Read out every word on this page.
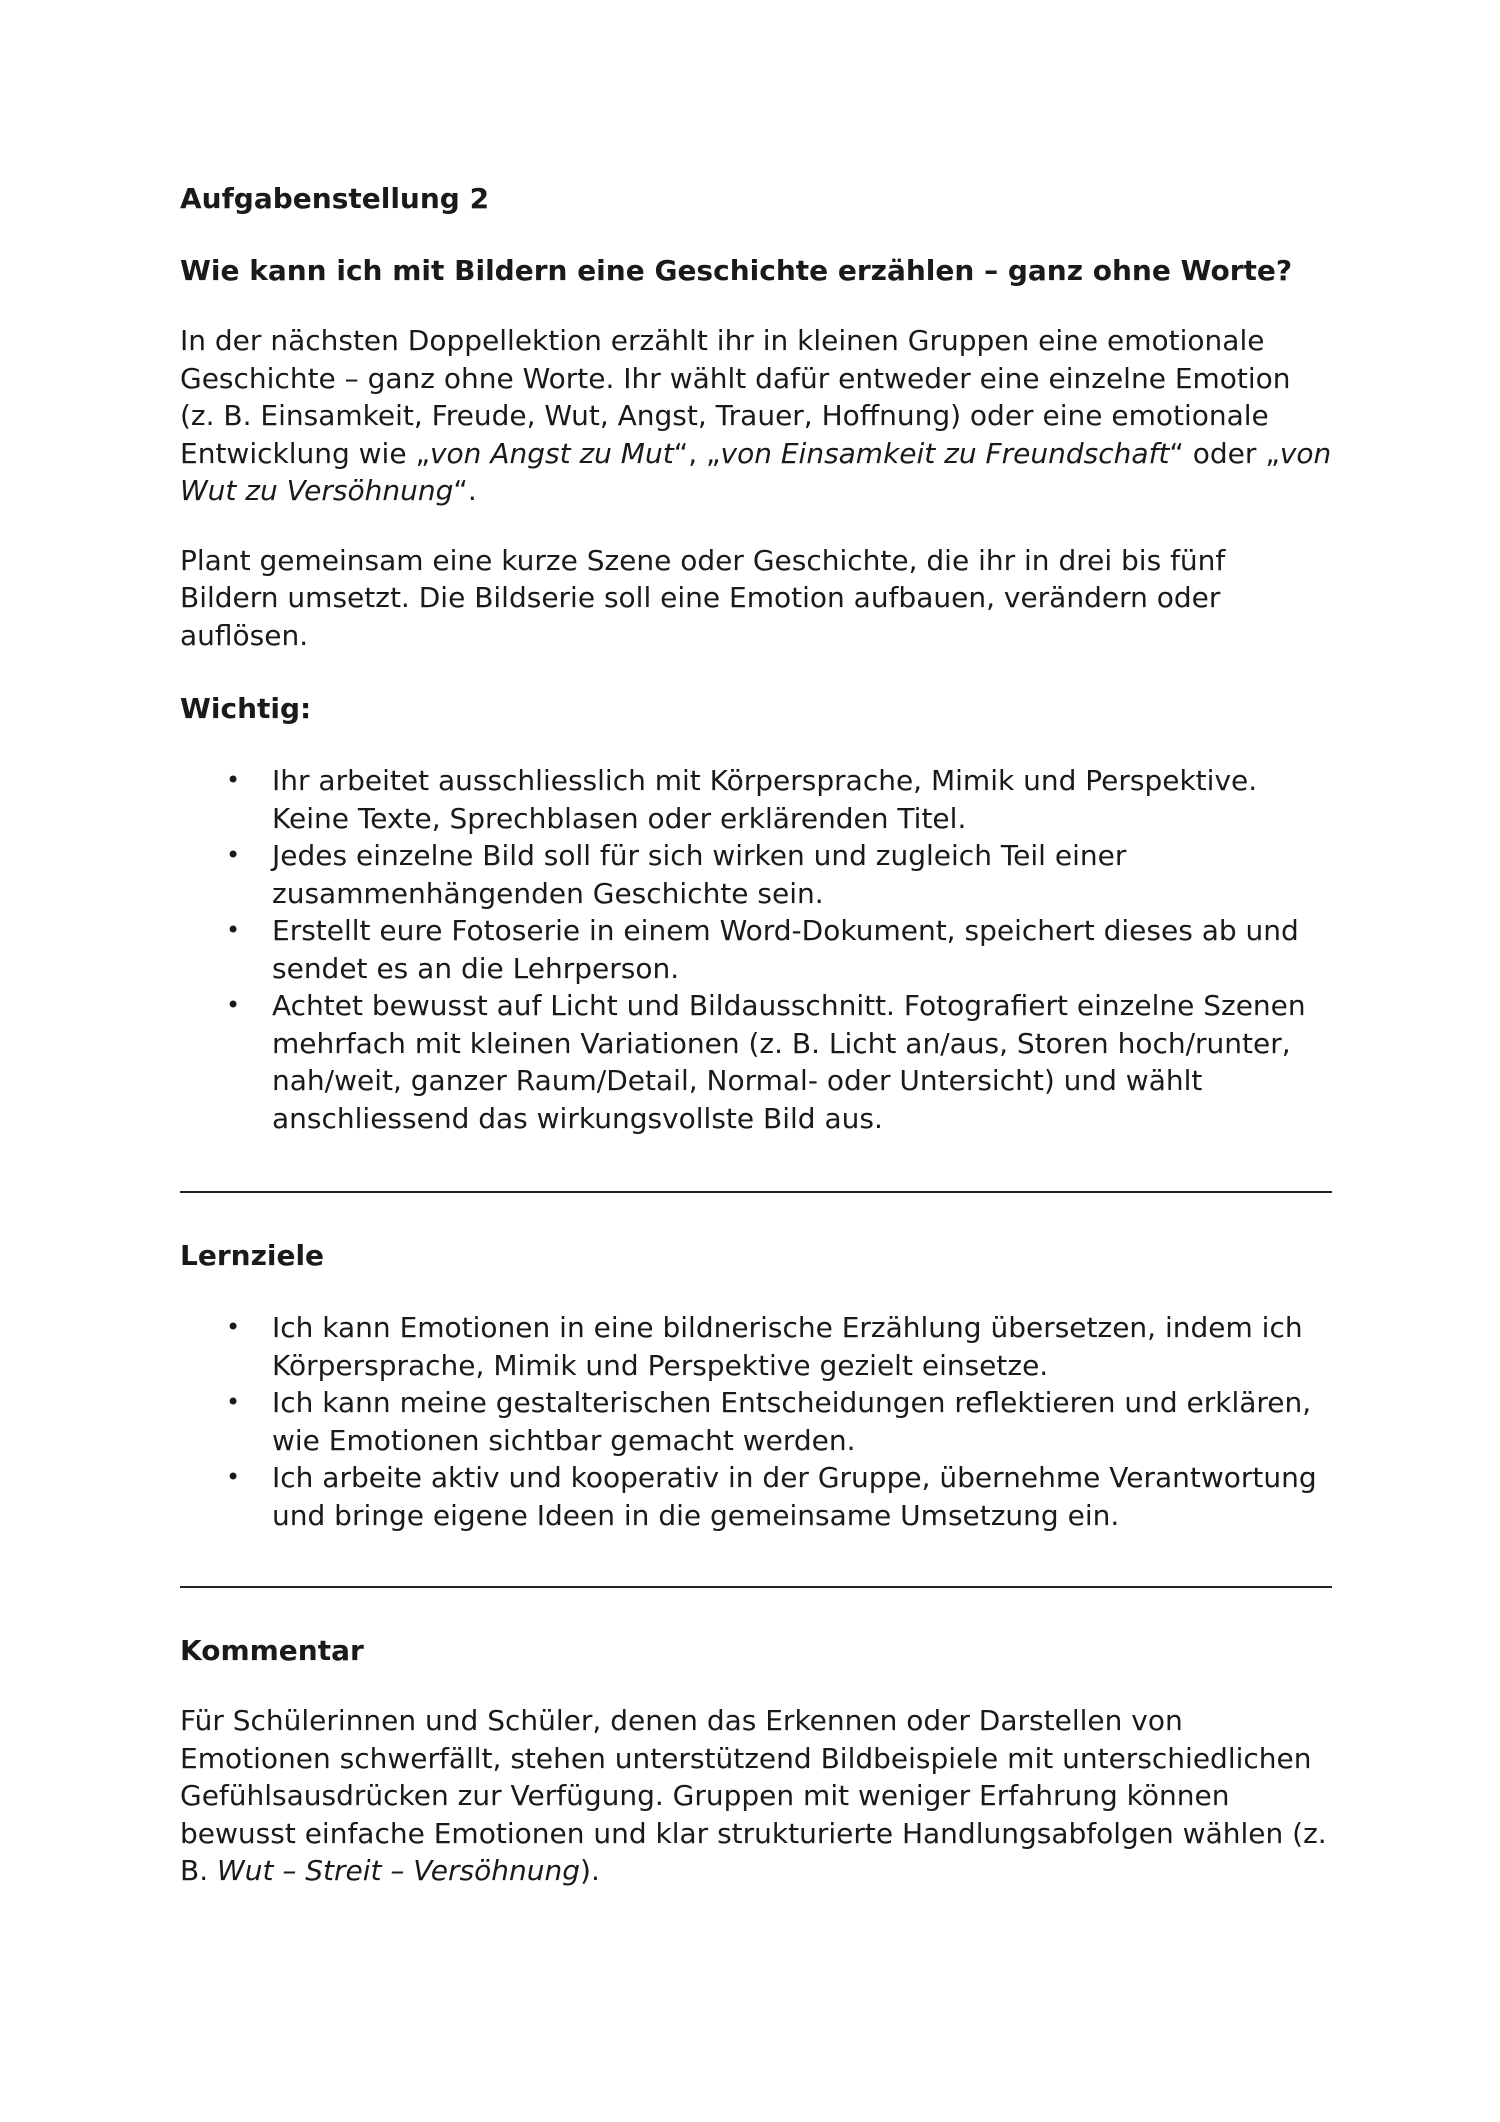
Aufgabenstellung 2
Wie kann ich mit Bildern eine Geschichte erzählen – ganz ohne Worte?

In der nächsten Doppellektion erzählt ihr in kleinen Gruppen eine emotionale Geschichte – ganz ohne Worte. Ihr wählt dafür entweder eine einzelne Emotion (z. B. Einsamkeit, Freude, Wut, Angst, Trauer, Hoffnung) oder eine emotionale Entwicklung wie „von Angst zu Mut“, „von Einsamkeit zu Freundschaft“ oder „von Wut zu Versöhnung“.

Plant gemeinsam eine kurze Szene oder Geschichte, die ihr in drei bis fünf Bildern umsetzt. Die Bildserie soll eine Emotion aufbauen, verändern oder auflösen.

Wichtig:
• Ihr arbeitet ausschliesslich mit Körpersprache, Mimik und Perspektive. Keine Texte, Sprechblasen oder erklärenden Titel.
• Jedes einzelne Bild soll für sich wirken und zugleich Teil einer zusammenhängenden Geschichte sein.
• Erstellt eure Fotoserie in einem Word-Dokument, speichert dieses ab und sendet es an die Lehrperson.
• Achtet bewusst auf Licht und Bildausschnitt. Fotografiert einzelne Szenen mehrfach mit kleinen Variationen (z. B. Licht an/aus, Storen hoch/runter, nah/weit, ganzer Raum/Detail, Normal- oder Untersicht) und wählt anschliessend das wirkungsvollste Bild aus.
Lernziele
• Ich kann Emotionen in eine bildnerische Erzählung übersetzen, indem ich Körpersprache, Mimik und Perspektive gezielt einsetze.
• Ich kann meine gestalterischen Entscheidungen reflektieren und erklären, wie Emotionen sichtbar gemacht werden.
• Ich arbeite aktiv und kooperativ in der Gruppe, übernehme Verantwortung und bringe eigene Ideen in die gemeinsame Umsetzung ein.
Kommentar

Für Schülerinnen und Schüler, denen das Erkennen oder Darstellen von Emotionen schwerfällt, stehen unterstützend Bildbeispiele mit unterschiedlichen Gefühlsausdrücken zur Verfügung. Gruppen mit weniger Erfahrung können bewusst einfache Emotionen und klar strukturierte Handlungsabfolgen wählen (z. B. Wut – Streit – Versöhnung).
